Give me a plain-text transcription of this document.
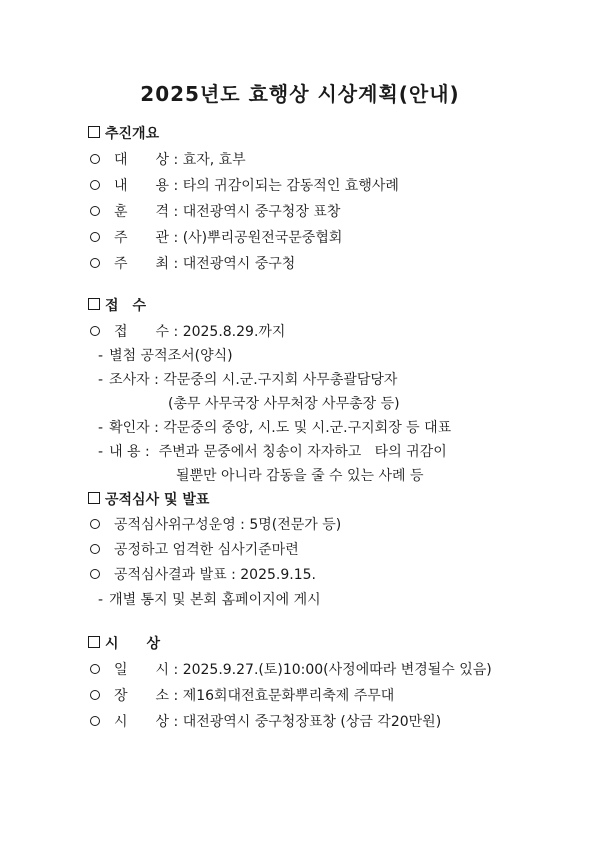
2025년도 효행상 시상계획(안내)
추진개요
대　　상 : 효자, 효부
내　　용 : 타의 귀감이되는 감동적인 효행사례
훈　　격 : 대전광역시 중구청장 표창
주　　관 : (사)뿌리공원전국문중협회
주　　최 : 대전광역시 중구청
접　수
접　　수 : 2025.8.29.까지
- 별첨 공적조서(양식)
- 조사자 : 각문중의 시.군.구지회 사무총괄담당자
(총무 사무국장 사무처장 사무총장 등)
- 확인자 : 각문중의 중앙, 시.도 및 시.군.구지회장 등 대표
- 내 용 :  주변과 문중에서 칭송이 자자하고   타의 귀감이
될뿐만 아니라 감동을 줄 수 있는 사례 등
공적심사 및 발표
공적심사위구성운영 : 5명(전문가 등)
공정하고 엄격한 심사기준마련
공적심사결과 발표 : 2025.9.15.
- 개별 통지 및 본회 홈페이지에 게시
시　　상
일　　시 : 2025.9.27.(토)10:00(사정에따라 변경될수 있음)
장　　소 : 제16회대전효문화뿌리축제 주무대
시　　상 : 대전광역시 중구청장표창 (상금 각20만원)
